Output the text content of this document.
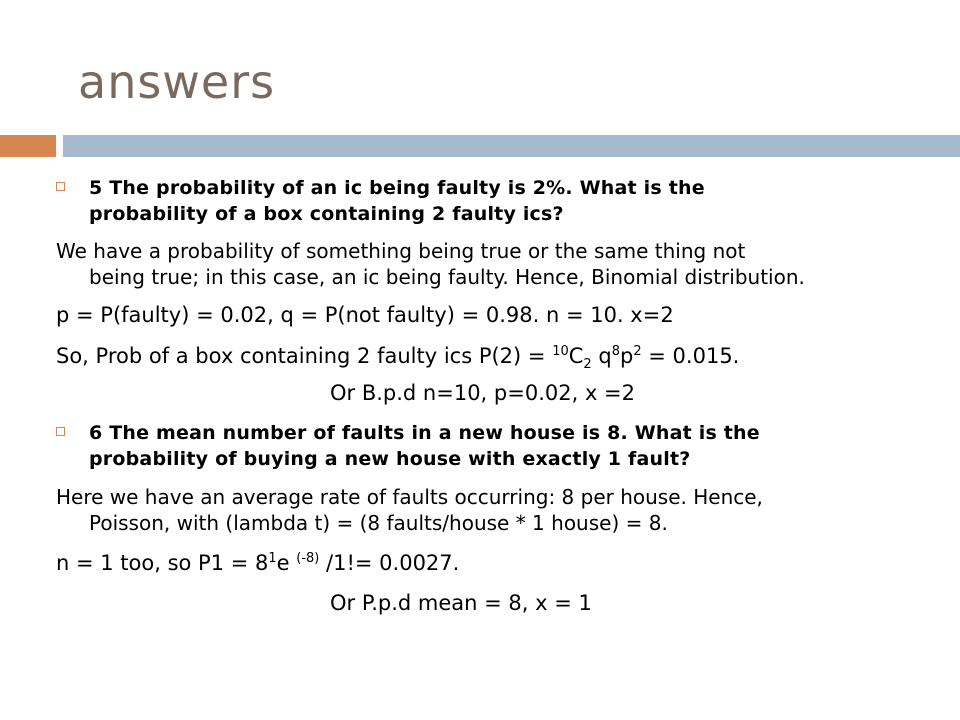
answers
5 The probability of an ic being faulty is 2%. What is the
probability of a box containing 2 faulty ics?
We have a probability of something being true or the same thing not
being true; in this case, an ic being faulty. Hence, Binomial distribution.
p = P(faulty) = 0.02, q = P(not faulty) = 0.98. n = 10. x=2
So, Prob of a box containing 2 faulty ics $P(2) = ^{10}C_2$ $q^8p^2 = 0.015$.
Or B.p.d n=10, p=0.02, x =2
6 The mean number of faults in a new house is 8. What is the
probability of buying a new house with exactly 1 fault?
Here we have an average rate of faults occurring: 8 per house. Hence,
Poisson, with (lambda t) = (8 faults/house * 1 house) = 8.
n = 1 too, so $P1 = 8^1e$ $^{(-8)}$ /1!= 0.0027.
Or P.p.d mean = 8, x = 1
